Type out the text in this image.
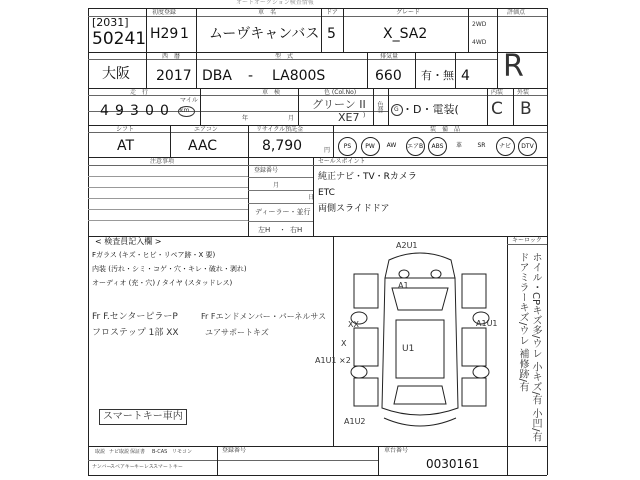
オートオークション検査情報
[2031]
50241
初度登録
H29 1
車　名
ムーヴキャンバス
ドア
5
グレード
X_SA2
2WD
4WD
評価点
大阪
西　暦
2017
型　式
DBA - LA800S
排気量
660 有・無 4 R
走　行
4 9 3 0 0
マイル
km
車　検
年	月
色 (Col.No)
グリーン II
XE7 )
色替 G ・D・電装(
内装 外装
C B
シフト	エアコン	リサイクル預託金	装　備　品
AT	AAC	8,790	円
PS	PW	AW	エアB	ABS	革	SR	ナビ	DTV
注意事項
登録番号
月
日
ディーラー・並行
左H ・ 右H
セールスポイント
純正ナビ・TV・Rカメラ
ETC
両側スライドドア
< 検査員記入欄 >
Fガラス (キズ・ヒビ・リペア跡・X 要)
内装 (汚れ・シミ・コゲ・穴・キレ・破れ・剥れ)
オーディオ (充・穴) / タイヤ (スタッドレス)
Fr F.センターピラーP
フロステップ 1部 XX
Fr Fエンドメンバー・パーネルサス
ユアサポートキズ
スマートキー車内
キーロック
ホイル・CPキズ多/ウレ 小キズ/有 小凹/有 ドアミラーキズ/ウレ 補修跡/有
A2U1
A1
A1U1
XX
X
A1U1 ×2
U1
A1U2
取説 ナビ取説 保証書 B-CAS リモコン
ナンバー
スペアキー キーレス スマートキー
登録番号	車台番号
0030161
